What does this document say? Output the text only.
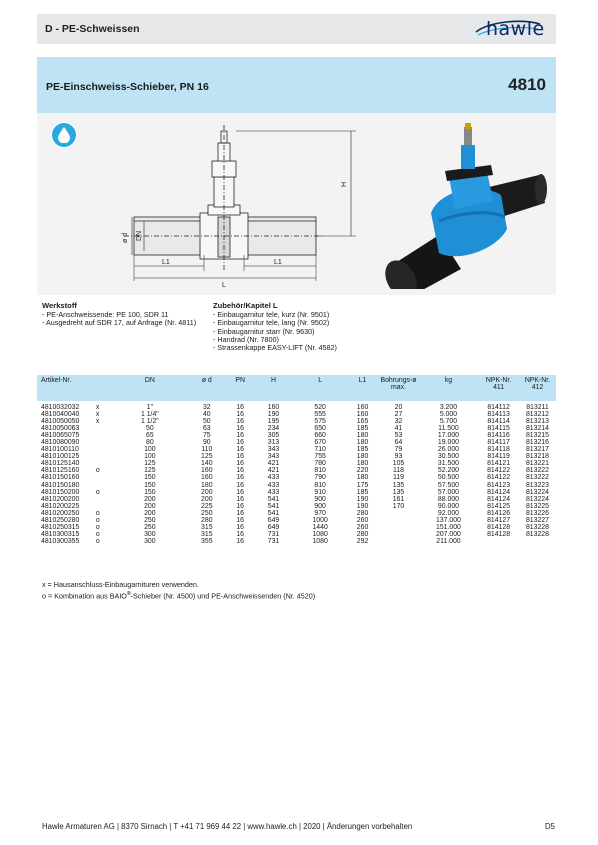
D - PE-Schweissen	hawle
PE-Einschweiss-Schieber, PN 16	4810
H
ø d DN
L1	L1
L
Werkstoff
- PE-Anschweissende: PE 100, SDR 11
- Ausgedreht auf SDR 17, auf Anfrage (Nr. 4811)
Zubehör/Kapitel L
- Einbaugarnitur tele, kurz (Nr. 9501)
- Einbaugarnitur tele, lang (Nr. 9502)
- Einbaugarnitur starr (Nr. 9630)
- Handrad (Nr. 7800)
- Strassenkappe EASY-LIFT (Nr. 4582)
Artikel-Nr.		DN	ø d	PN	H	L	L1	Bohrungs-ø
max.	kg	NPK-Nr.
411	NPK-Nr.
412
4810032032	x	1"	32	16	160	520	160	20	3.200	814112	813211
4810040040	x	1 1/4"	40	16	190	555	160	27	5.000	814113	813212
4810050050	x	1 1/2"	50	16	195	575	165	32	5.700	814114	813213
4810050063		50	63	16	234	650	185	41	11.500	814115	813214
4810065075		65	75	16	305	660	180	53	17.000	814116	813215
4810080090		80	90	16	313	670	180	64	19.000	814117	813216
4810100110		100	110	16	343	710	185	79	26.000	814118	813217
4810100125		100	125	16	343	755	180	93	30.500	814119	813218
4810125140		125	140	16	421	780	180	105	31.500	814121	813221
4810125160	o	125	160	16	421	810	220	118	52.200	814122	813222
4810150160		150	160	16	433	790	180	119	50.500	814122	813222
4810150180		150	180	16	433	810	175	135	57.500	814123	813223
4810150200	o	150	200	16	433	910	185	135	57.000	814124	813224
4810200200		200	200	16	541	900	190	161	88.000	814124	813224
4810200225		200	225	16	541	900	190	170	90.000	814125	813225
4810200250	o	200	250	16	541	970	280		92.000	814126	813226
4810250280	o	250	280	16	649	1000	260		137.000	814127	813227
4810250315	o	250	315	16	649	1440	260		151.000	814128	813228
4810300315	o	300	315	16	731	1080	280		207.000	814128	813228
4810300355	o	300	355	16	731	1080	292		211.000		
x = Hausanschluss-Einbaugarnituren verwenden.
o = Kombination aus BAIO®-Schieber (Nr. 4500) und PE-Anschweissenden (Nr. 4520)
Hawle Armaturen AG | 8370 Sirnach | T +41 71 969 44 22 | www.hawle.ch | 2020 | Änderungen vorbehalten	D5
